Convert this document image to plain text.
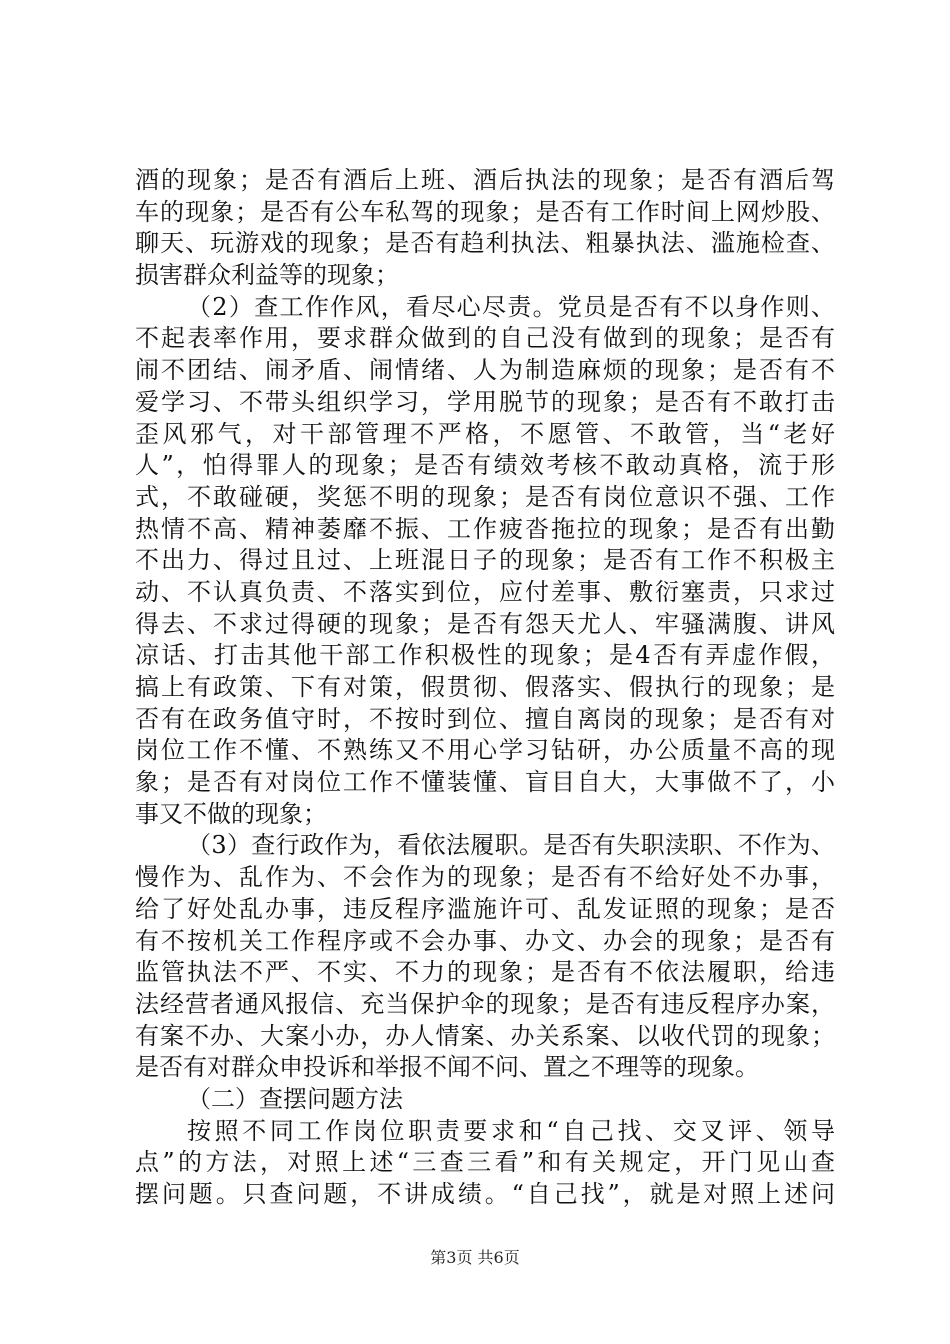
酒的现象；是否有酒后上班、酒后执法的现象；是否有酒后驾
车的现象；是否有公车私驾的现象；是否有工作时间上网炒股、
聊天、玩游戏的现象；是否有趋利执法、粗暴执法、滥施检查、
损害群众利益等的现象；
（2）查工作作风，看尽心尽责。党员是否有不以身作则、
不起表率作用，要求群众做到的自己没有做到的现象；是否有
闹不团结、闹矛盾、闹情绪、人为制造麻烦的现象；是否有不
爱学习、不带头组织学习，学用脱节的现象；是否有不敢打击
歪风邪气，对干部管理不严格，不愿管、不敢管，当“老好
人”，怕得罪人的现象；是否有绩效考核不敢动真格，流于形
式，不敢碰硬，奖惩不明的现象；是否有岗位意识不强、工作
热情不高、精神萎靡不振、工作疲沓拖拉的现象；是否有出勤
不出力、得过且过、上班混日子的现象；是否有工作不积极主
动、不认真负责、不落实到位，应付差事、敷衍塞责，只求过
得去、不求过得硬的现象；是否有怨天尤人、牢骚满腹、讲风
凉话、打击其他干部工作积极性的现象；是4否有弄虚作假，
搞上有政策、下有对策，假贯彻、假落实、假执行的现象；是
否有在政务值守时，不按时到位、擅自离岗的现象；是否有对
岗位工作不懂、不熟练又不用心学习钻研，办公质量不高的现
象；是否有对岗位工作不懂装懂、盲目自大，大事做不了，小
事又不做的现象；
（3）查行政作为，看依法履职。是否有失职渎职、不作为、
慢作为、乱作为、不会作为的现象；是否有不给好处不办事，
给了好处乱办事，违反程序滥施许可、乱发证照的现象；是否
有不按机关工作程序或不会办事、办文、办会的现象；是否有
监管执法不严、不实、不力的现象；是否有不依法履职，给违
法经营者通风报信、充当保护伞的现象；是否有违反程序办案，
有案不办、大案小办，办人情案、办关系案、以收代罚的现象；
是否有对群众申投诉和举报不闻不问、置之不理等的现象。
（二）查摆问题方法
按照不同工作岗位职责要求和“自己找、交叉评、领导
点”的方法，对照上述“三查三看”和有关规定，开门见山查
摆问题。只查问题，不讲成绩。“自己找”，就是对照上述问
第3页 共6页
